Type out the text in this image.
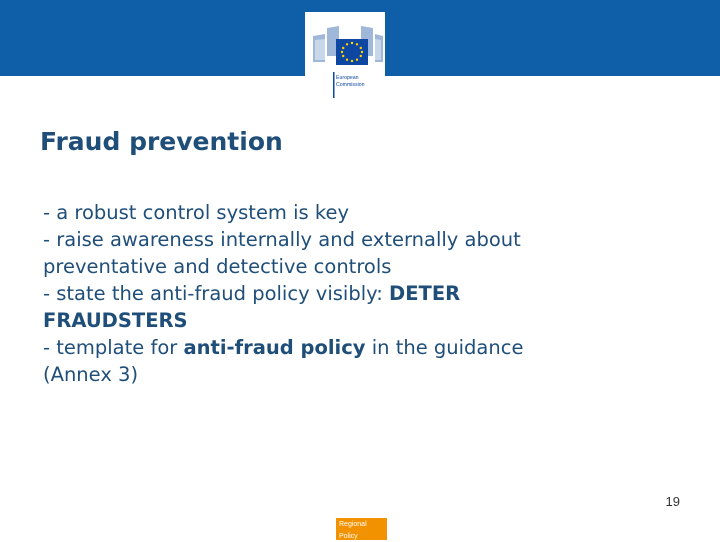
European
Commission
Fraud prevention
- a robust control system is key
- raise awareness internally and externally about
preventative and detective controls
- state the anti-fraud policy visibly: DETER
FRAUDSTERS
- template for anti-fraud policy in the guidance
(Annex 3)
19
Regional
Policy
